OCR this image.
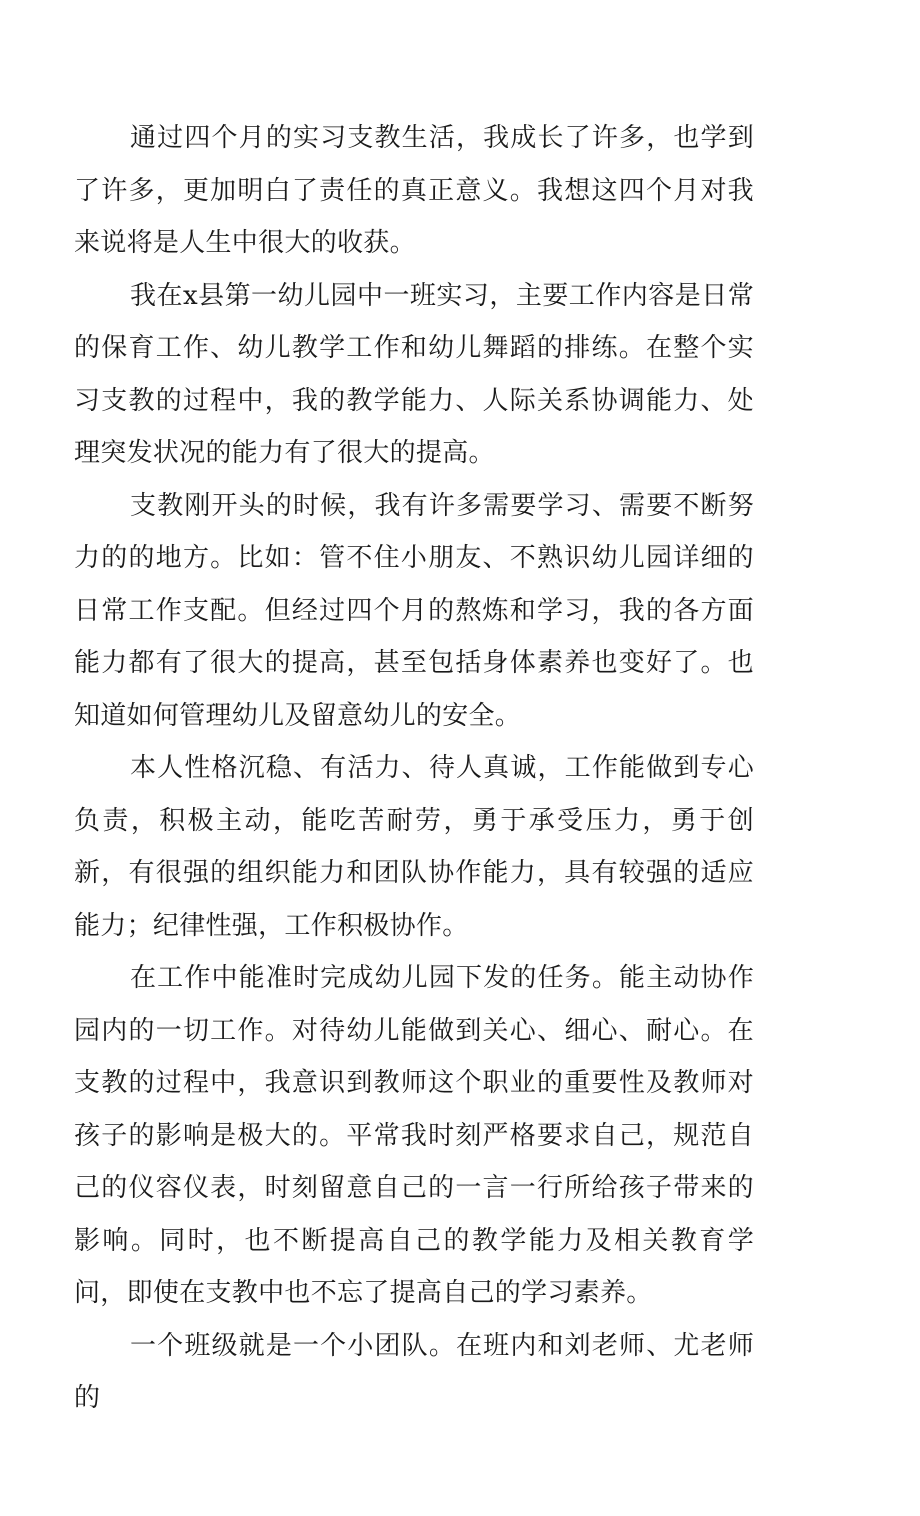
通过四个月的实习支教生活，我成长了许多，也学到了许多，更加明白了责任的真正意义。我想这四个月对我来说将是人生中很大的收获。

我在x县第一幼儿园中一班实习，主要工作内容是日常的保育工作、幼儿教学工作和幼儿舞蹈的排练。在整个实习支教的过程中，我的教学能力、人际关系协调能力、处理突发状况的能力有了很大的提高。

支教刚开头的时候，我有许多需要学习、需要不断努力的的地方。比如：管不住小朋友、不熟识幼儿园详细的日常工作支配。但经过四个月的熬炼和学习，我的各方面能力都有了很大的提高，甚至包括身体素养也变好了。也知道如何管理幼儿及留意幼儿的安全。

本人性格沉稳、有活力、待人真诚，工作能做到专心负责，积极主动，能吃苦耐劳，勇于承受压力，勇于创新，有很强的组织能力和团队协作能力，具有较强的适应能力；纪律性强，工作积极协作。

在工作中能准时完成幼儿园下发的任务。能主动协作园内的一切工作。对待幼儿能做到关心、细心、耐心。在支教的过程中，我意识到教师这个职业的重要性及教师对孩子的影响是极大的。平常我时刻严格要求自己，规范自己的仪容仪表，时刻留意自己的一言一行所给孩子带来的影响。同时，也不断提高自己的教学能力及相关教育学问，即使在支教中也不忘了提高自己的学习素养。

一个班级就是一个小团队。在班内和刘老师、尤老师的
